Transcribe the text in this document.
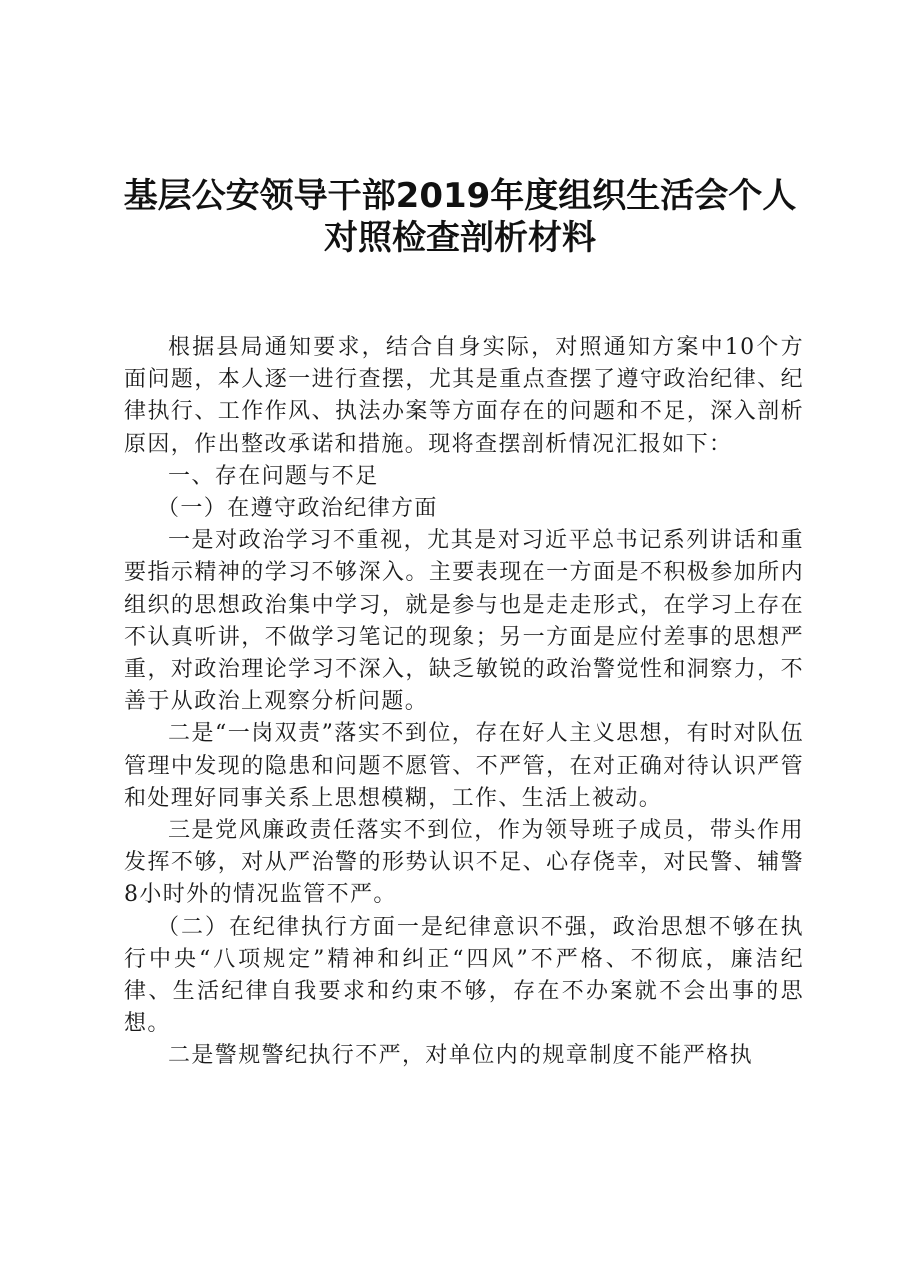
基层公安领导干部2019年度组织生活会个人
对照检查剖析材料

根据县局通知要求，结合自身实际，对照通知方案中10个方面问题，本人逐一进行查摆，尤其是重点查摆了遵守政治纪律、纪律执行、工作作风、执法办案等方面存在的问题和不足，深入剖析原因，作出整改承诺和措施。现将查摆剖析情况汇报如下：

一、存在问题与不足

（一）在遵守政治纪律方面

一是对政治学习不重视，尤其是对习近平总书记系列讲话和重要指示精神的学习不够深入。主要表现在一方面是不积极参加所内组织的思想政治集中学习，就是参与也是走走形式，在学习上存在不认真听讲，不做学习笔记的现象；另一方面是应付差事的思想严重，对政治理论学习不深入，缺乏敏锐的政治警觉性和洞察力，不善于从政治上观察分析问题。

二是“一岗双责”落实不到位，存在好人主义思想，有时对队伍管理中发现的隐患和问题不愿管、不严管，在对正确对待认识严管和处理好同事关系上思想模糊，工作、生活上被动。

三是党风廉政责任落实不到位，作为领导班子成员，带头作用发挥不够，对从严治警的形势认识不足、心存侥幸，对民警、辅警8小时外的情况监管不严。

（二）在纪律执行方面一是纪律意识不强，政治思想不够在执行中央“八项规定”精神和纠正“四风”不严格、不彻底，廉洁纪律、生活纪律自我要求和约束不够，存在不办案就不会出事的思想。

二是警规警纪执行不严，对单位内的规章制度不能严格执
